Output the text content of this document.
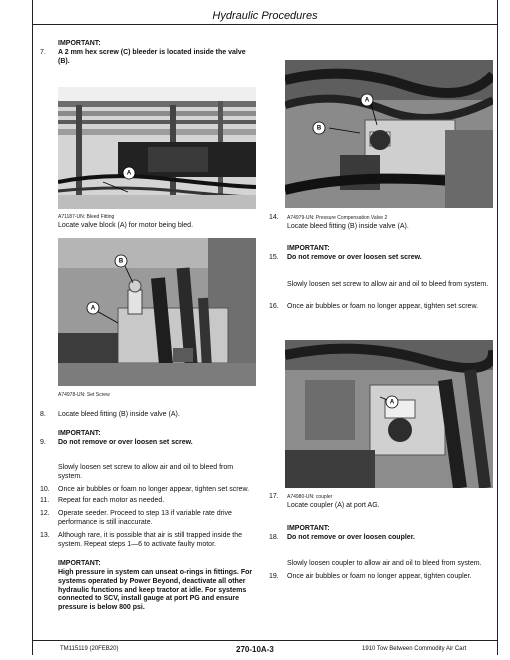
Hydraulic Procedures
IMPORTANT:
7.	A 2 mm hex screw (C) bleeder is located inside the valve (B).
A
A71187-UN: Bleed Fitting
Locate valve block (A) for motor being bled.
B
A
A74978-UN: Set Screw
8.	Locate bleed fitting (B) inside valve (A).
IMPORTANT:
9.	Do not remove or over loosen set screw.
Slowly loosen set screw to allow air and oil to bleed from system.
10.	Once air bubbles or foam no longer appear, tighten set screw.
11.	Repeat for each motor as needed.
12.	Operate seeder. Proceed to step 13 if variable rate drive performance is still inaccurate.
13.	Although rare, it is possible that air is still trapped inside the system. Repeat steps 1—6 to activate faulty motor.
IMPORTANT:
High pressure in system can unseat o-rings in fittings. For systems operated by Power Beyond, deactivate all other hydraulic functions and keep tractor at idle. For systems connected to SCV, install gauge at port PG and ensure pressure is below 800 psi.
A
B
14.	A74979-UN: Pressure Compensation Valve 2
Locate bleed fitting (B) inside valve (A).
IMPORTANT:
15.	Do not remove or over loosen set screw.
Slowly loosen set screw to allow air and oil to bleed from system.
16.	Once air bubbles or foam no longer appear, tighten set screw.
A
17.	A74980-UN: coupler
Locate coupler (A) at port AG.
IMPORTANT:
18.	Do not remove or over loosen coupler.
Slowly loosen coupler to allow air and oil to bleed from system.
19.	Once air bubbles or foam no longer appear, tighten coupler.
TM115119 (20FEB20)	270-10A-3	1910 Tow Between Commodity Air Cart
